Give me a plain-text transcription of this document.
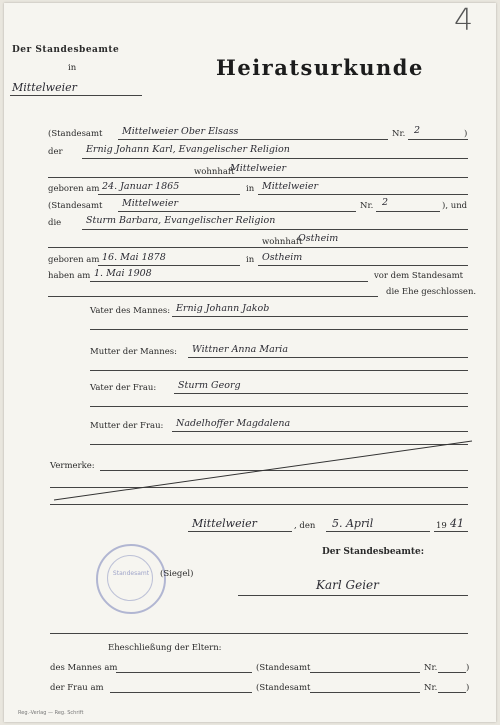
Der Standesbeamte
in
Mittelweier
Heiratsurkunde
4
(Standesamt Mittelweier Ober Elsass	Nr. 2	)
der Ernig Johann Karl, Evangelischer Religion
wohnhaft
Mittelweier
geboren am 24. Januar 1865	in Mittelweier
(Standesamt Mittelweier	Nr. 2	), und
die	Sturm Barbara, Evangelischer Religion
wohnhaft
Ostheim
geboren am 16. Mai 1878	in Ostheim
haben am 1. Mai 1908	vor dem Standesamt
die Ehe geschlossen.
Vater des Mannes: Ernig Johann Jakob
Mutter der Mannes: Wittner Anna Maria
Vater der Frau: Sturm Georg
Mutter der Frau: Nadelhoffer Magdalena
Vermerke:
Mittelweier	, den 5. April	19 41
Der Standesbeamte:
Standesamt	(Siegel)
Karl Geier
Eheschließung der Eltern:
des Mannes am	(Standesamt	Nr.	)
der Frau am	(Standesamt	Nr.	)
Reg.-Verlag — Reg. Schrift
